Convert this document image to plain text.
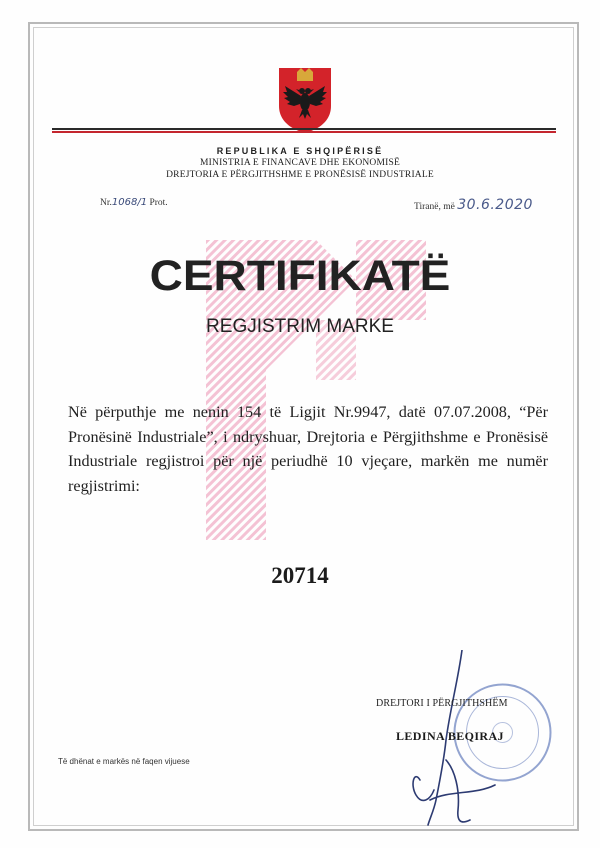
REPUBLIKA E SHQIPËRISË
MINISTRIA E FINANCAVE DHE EKONOMISË
DREJTORIA E PËRGJITHSHME E PRONËSISË INDUSTRIALE
Nr.1068/1 Prot.	Tiranë, më 30.6.2020
CERTIFIKATË
REGJISTRIM MARKE
Në përputhje me nenin 154 të Ligjit Nr.9947, datë 07.07.2008, “Për Pronësinë Industriale”, i ndryshuar, Drejtoria e Përgjithshme e Pronësisë Industriale regjistroi për një periudhë 10 vjeçare, markën me numër regjistrimi:
20714
DREJTORI I PËRGJITHSHËM
LEDINA BEQIRAJ
Të dhënat e markës në faqen vijuese
